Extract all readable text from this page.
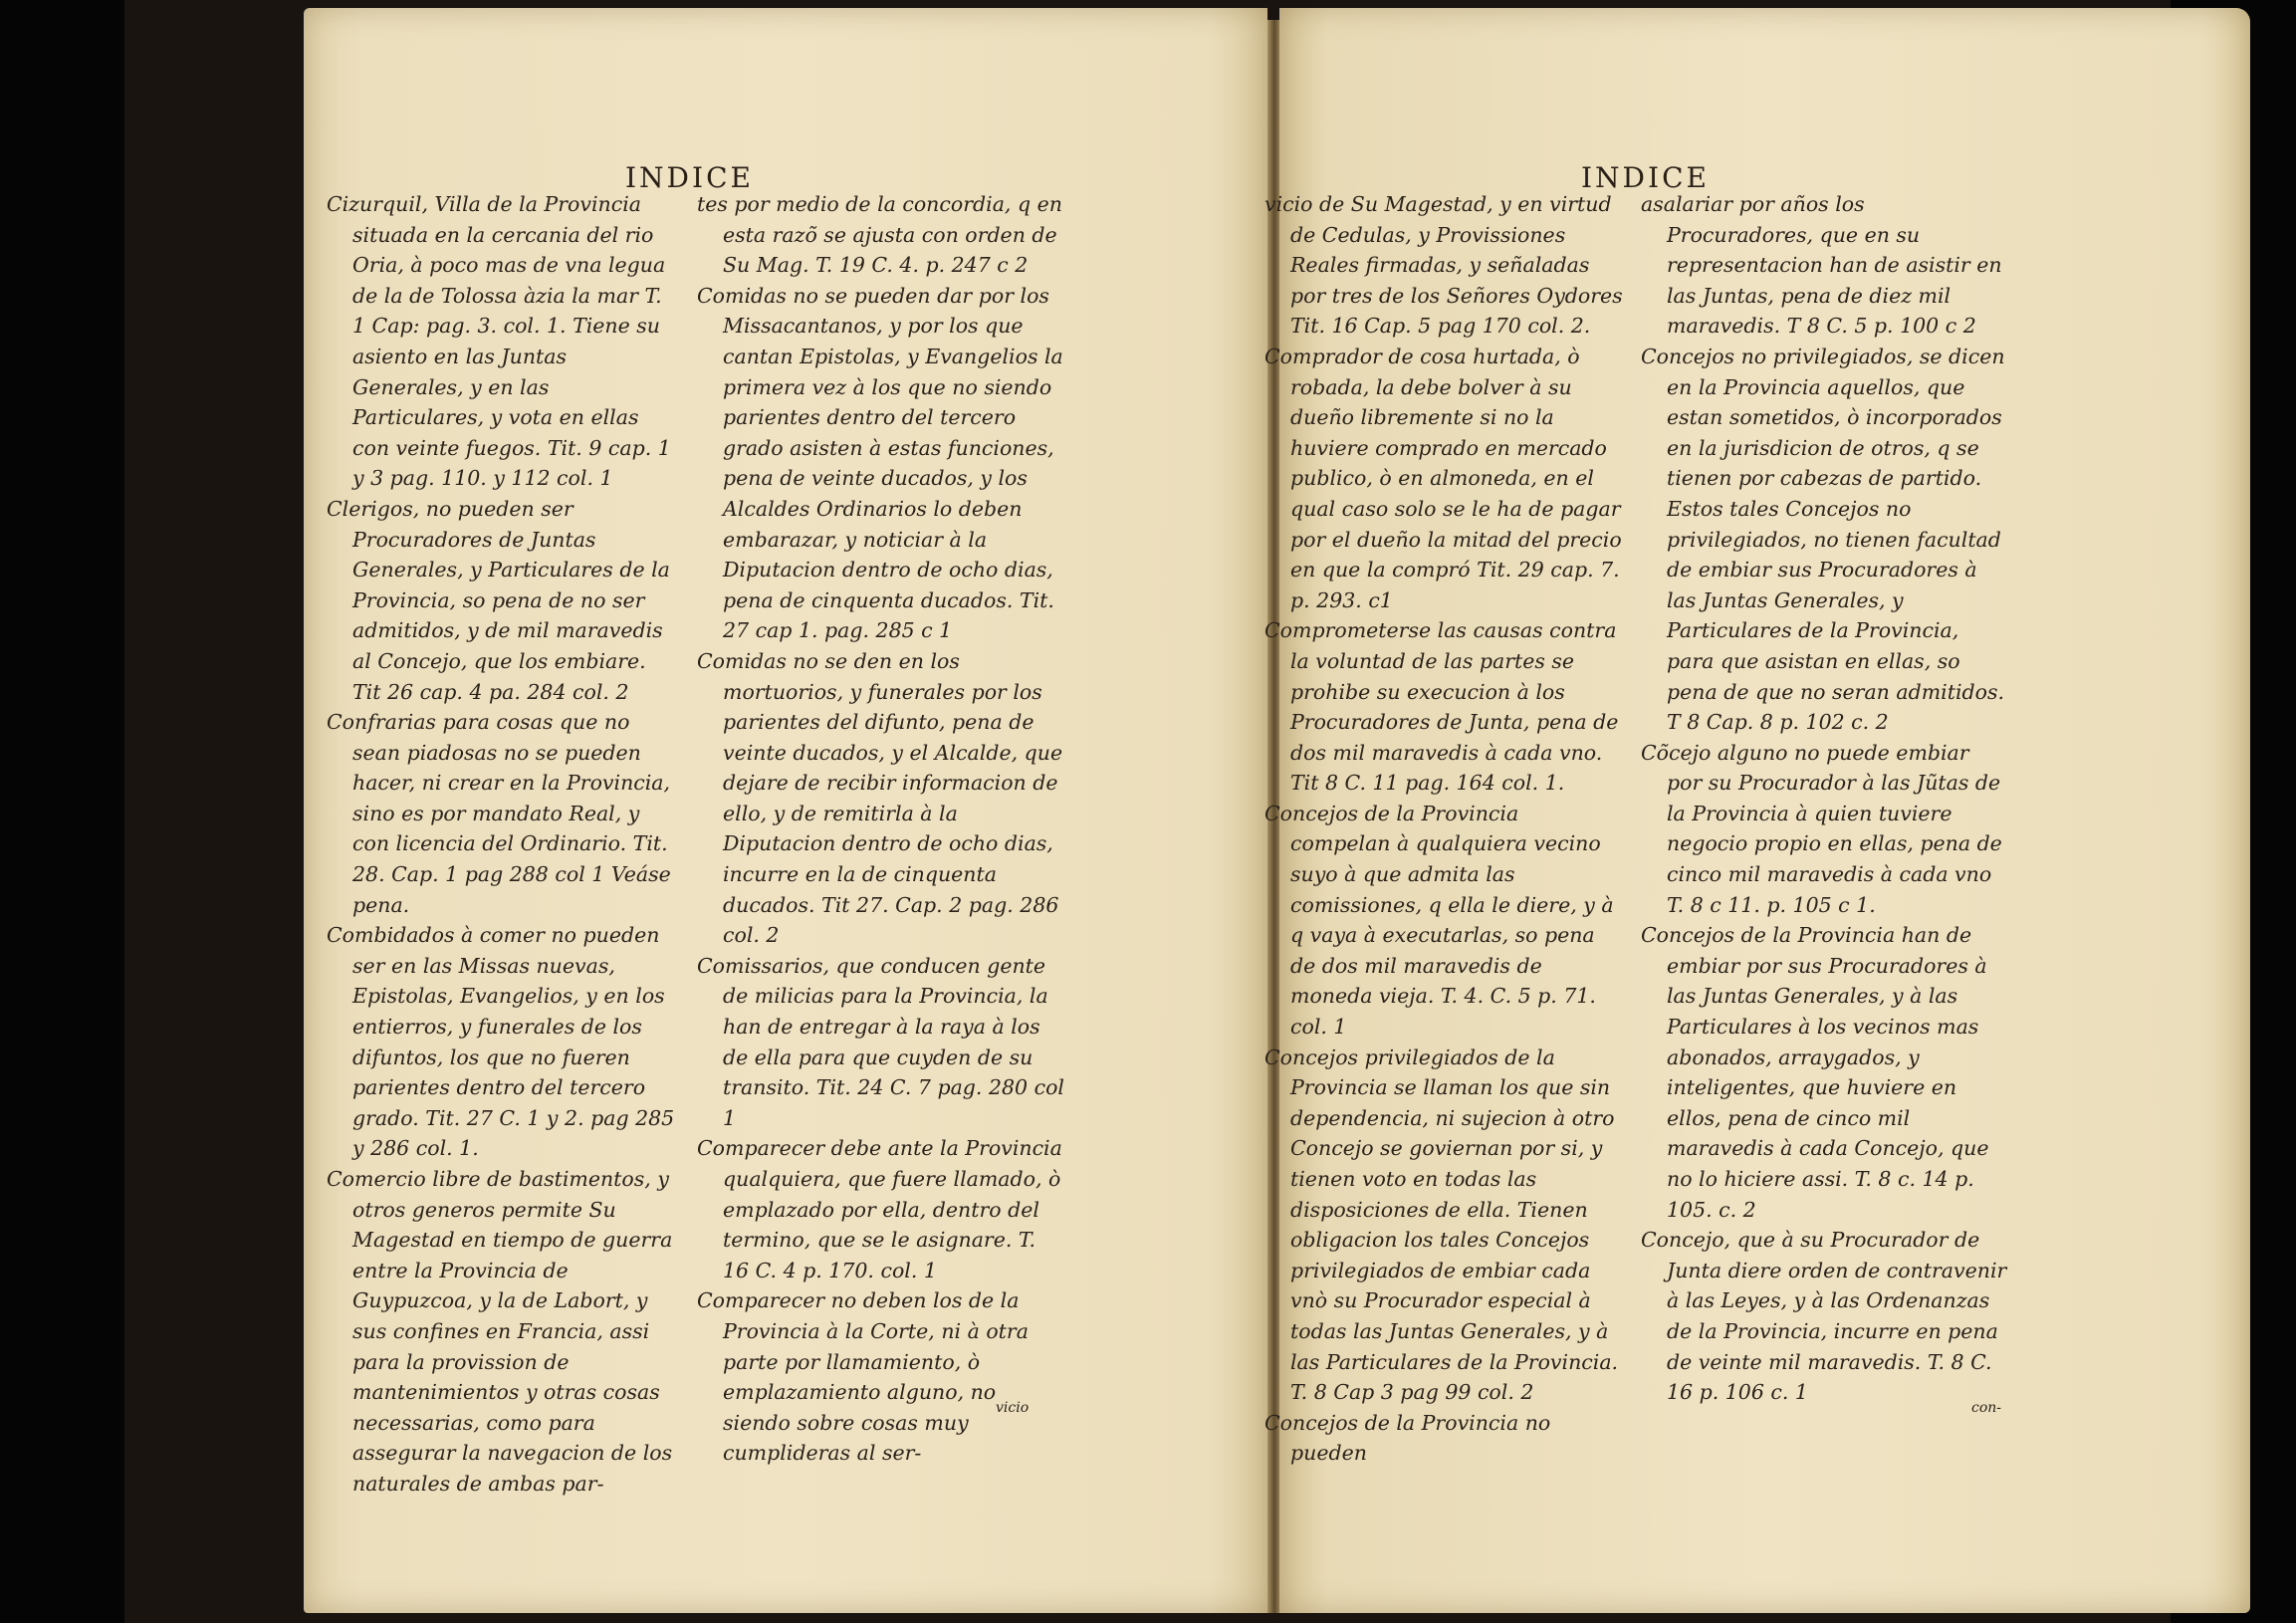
INDICE

Cizurquil, Villa de la Provincia situada en la cercania del rio Oria, à poco mas de vna legua de la de Tolossa àzia la mar T. 1 Cap: pag. 3. col. 1. Tiene su asiento en las Juntas Generales, y en las Particulares, y vota en ellas con veinte fuegos. Tit. 9 cap. 1 y 3 pag. 110. y 112 col. 1

Clerigos, no pueden ser Procuradores de Juntas Generales, y Particulares de la Provincia, so pena de no ser admitidos, y de mil maravedis al Concejo, que los embiare. Tit 26 cap. 4 pa. 284 col. 2

Confrarias para cosas que no sean piadosas no se pueden hacer, ni crear en la Provincia, sino es por mandato Real, y con licencia del Ordinario. Tit. 28. Cap. 1 pag 288 col 1 Veáse pena.

Combidados à comer no pueden ser en las Missas nuevas, Epistolas, Evangelios, y en los entierros, y funerales de los difuntos, los que no fueren parientes dentro del tercero grado. Tit. 27 C. 1 y 2. pag 285 y 286 col. 1.

Comercio libre de bastimentos, y otros generos permite Su Magestad en tiempo de guerra entre la Provincia de Guypuzcoa, y la de Labort, y sus confines en Francia, assi para la provission de mantenimientos y otras cosas necessarias, como para assegurar la navegacion de los naturales de ambas par-

tes por medio de la concordia, q en esta razõ se ajusta con orden de Su Mag. T. 19 C. 4. p. 247 c 2

Comidas no se pueden dar por los Missacantanos, y por los que cantan Epistolas, y Evangelios la primera vez à los que no siendo parientes dentro del tercero grado asisten à estas funciones, pena de veinte ducados, y los Alcaldes Ordinarios lo deben embarazar, y noticiar à la Diputacion dentro de ocho dias, pena de cinquenta ducados. Tit. 27 cap 1. pag. 285 c 1

Comidas no se den en los mortuorios, y funerales por los parientes del difunto, pena de veinte ducados, y el Alcalde, que dejare de recibir informacion de ello, y de remitirla à la Diputacion dentro de ocho dias, incurre en la de cinquenta ducados. Tit 27. Cap. 2 pag. 286 col. 2

Comissarios, que conducen gente de milicias para la Provincia, la han de entregar à la raya à los de ella para que cuyden de su transito. Tit. 24 C. 7 pag. 280 col 1

Comparecer debe ante la Provincia qualquiera, que fuere llamado, ò emplazado por ella, dentro del termino, que se le asignare. T. 16 C. 4 p. 170. col. 1

Comparecer no deben los de la Provincia à la Corte, ni à otra parte por llamamiento, ò emplazamiento alguno, no siendo sobre cosas muy cumplideras al ser-

vicio
INDICE

vicio de Su Magestad, y en virtud de Cedulas, y Provissiones Reales firmadas, y señaladas por tres de los Señores Oydores Tit. 16 Cap. 5 pag 170 col. 2.

Comprador de cosa hurtada, ò robada, la debe bolver à su dueño libremente si no la huviere comprado en mercado publico, ò en almoneda, en el qual caso solo se le ha de pagar por el dueño la mitad del precio en que la compró Tit. 29 cap. 7. p. 293. c1

Comprometerse las causas contra la voluntad de las partes se prohibe su execucion à los Procuradores de Junta, pena de dos mil maravedis à cada vno. Tit 8 C. 11 pag. 164 col. 1.

Concejos de la Provincia compelan à qualquiera vecino suyo à que admita las comissiones, q ella le diere, y à q vaya à executarlas, so pena de dos mil maravedis de moneda vieja. T. 4. C. 5 p. 71. col. 1

Concejos privilegiados de la Provincia se llaman los que sin dependencia, ni sujecion à otro Concejo se goviernan por si, y tienen voto en todas las disposiciones de ella. Tienen obligacion los tales Concejos privilegiados de embiar cada vnò su Procurador especial à todas las Juntas Generales, y à las Particulares de la Provincia. T. 8 Cap 3 pag 99 col. 2

Concejos de la Provincia no pueden

asalariar por años los Procuradores, que en su representacion han de asistir en las Juntas, pena de diez mil maravedis. T 8 C. 5 p. 100 c 2

Concejos no privilegiados, se dicen en la Provincia aquellos, que estan sometidos, ò incorporados en la jurisdicion de otros, q se tienen por cabezas de partido. Estos tales Concejos no privilegiados, no tienen facultad de embiar sus Procuradores à las Juntas Generales, y Particulares de la Provincia, para que asistan en ellas, so pena de que no seran admitidos. T 8 Cap. 8 p. 102 c. 2

Cõcejo alguno no puede embiar por su Procurador à las Jũtas de la Provincia à quien tuviere negocio propio en ellas, pena de cinco mil maravedis à cada vno T. 8 c 11. p. 105 c 1.

Concejos de la Provincia han de embiar por sus Procuradores à las Juntas Generales, y à las Particulares à los vecinos mas abonados, arraygados, y inteligentes, que huviere en ellos, pena de cinco mil maravedis à cada Concejo, que no lo hiciere assi. T. 8 c. 14 p. 105. c. 2

Concejo, que à su Procurador de Junta diere orden de contravenir à las Leyes, y à las Ordenanzas de la Provincia, incurre en pena de veinte mil maravedis. T. 8 C. 16 p. 106 c. 1

con-
